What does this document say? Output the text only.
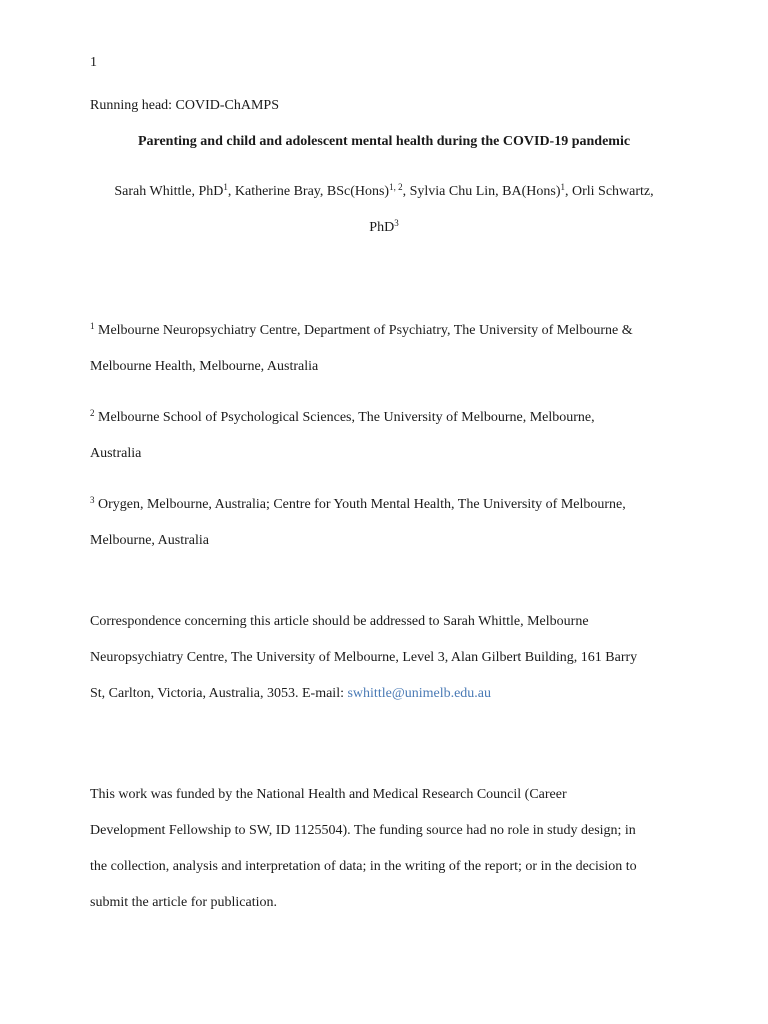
1
Running head: COVID-ChAMPS
Parenting and child and adolescent mental health during the COVID-19 pandemic
Sarah Whittle, PhD$^1$, Katherine Bray, BSc(Hons)$^{1, 2}$, Sylvia Chu Lin, BA(Hons)$^1$, Orli Schwartz,
PhD$^3$
$^1$ Melbourne Neuropsychiatry Centre, Department of Psychiatry, The University of Melbourne &
Melbourne Health, Melbourne, Australia
$^2$ Melbourne School of Psychological Sciences, The University of Melbourne, Melbourne,
Australia
$^3$ Orygen, Melbourne, Australia; Centre for Youth Mental Health, The University of Melbourne,
Melbourne, Australia
Correspondence concerning this article should be addressed to Sarah Whittle, Melbourne
Neuropsychiatry Centre, The University of Melbourne, Level 3, Alan Gilbert Building, 161 Barry
St, Carlton, Victoria, Australia, 3053. E-mail: swhittle@unimelb.edu.au
This work was funded by the National Health and Medical Research Council (Career
Development Fellowship to SW, ID 1125504). The funding source had no role in study design; in
the collection, analysis and interpretation of data; in the writing of the report; or in the decision to
submit the article for publication.
